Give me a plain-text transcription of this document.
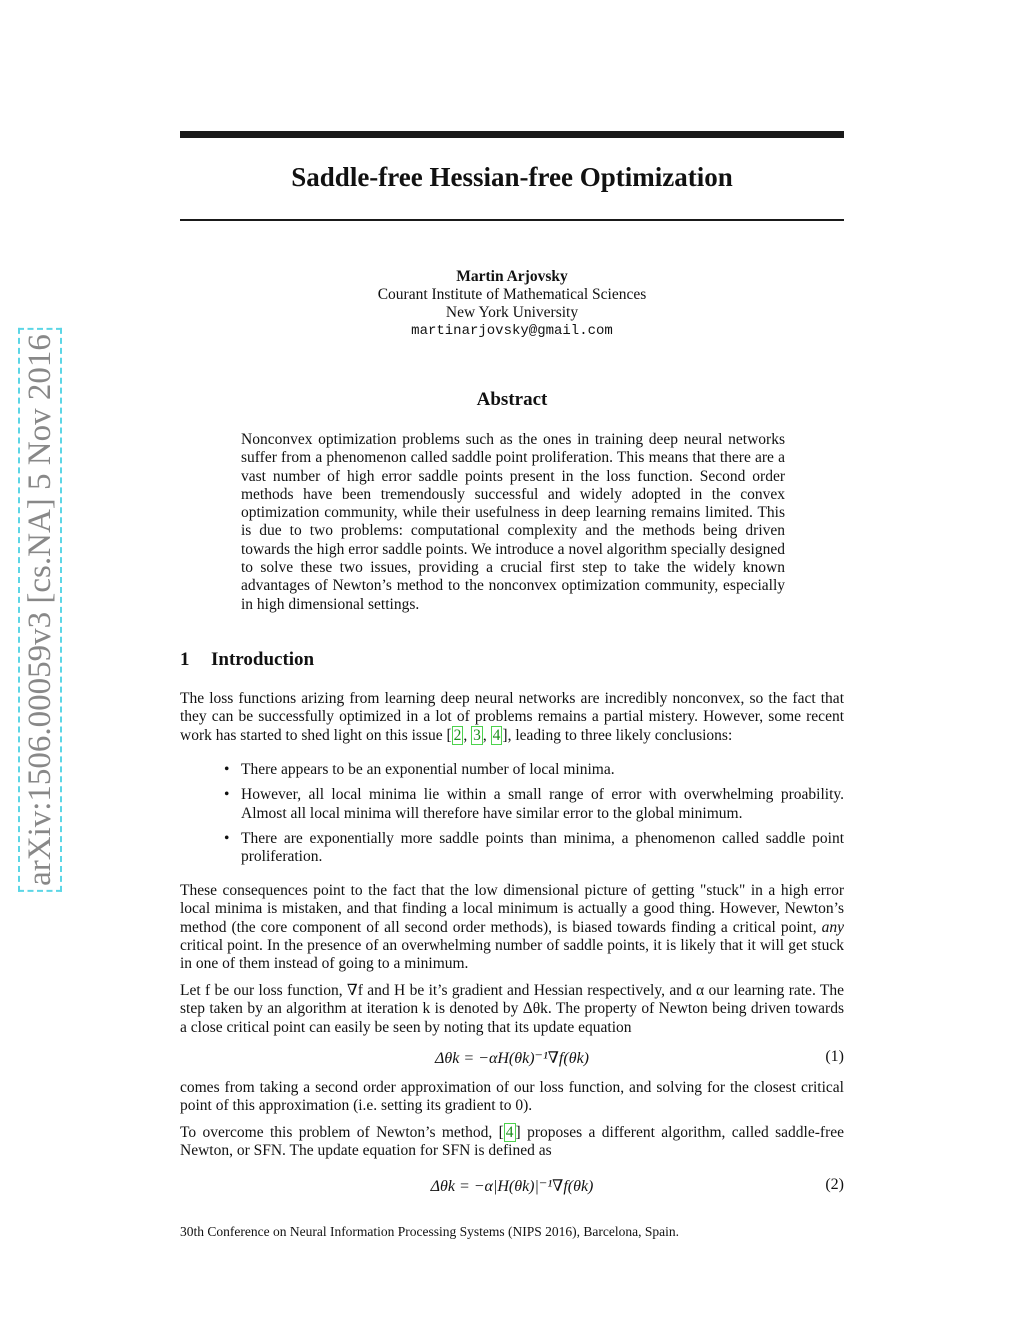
arXiv:1506.00059v3 [cs.NA] 5 Nov 2016
Saddle-free Hessian-free Optimization
Martin Arjovsky
Courant Institute of Mathematical Sciences
New York University
martinarjovsky@gmail.com
Abstract
Nonconvex optimization problems such as the ones in training deep neural networks suffer from a phenomenon called saddle point proliferation. This means that there are a vast number of high error saddle points present in the loss function. Second order methods have been tremendously successful and widely adopted in the convex optimization community, while their usefulness in deep learning remains limited. This is due to two problems: computational complexity and the methods being driven towards the high error saddle points. We introduce a novel algorithm specially designed to solve these two issues, providing a crucial first step to take the widely known advantages of Newton’s method to the nonconvex optimization community, especially in high dimensional settings.
1 Introduction
The loss functions arizing from learning deep neural networks are incredibly nonconvex, so the fact that they can be successfully optimized in a lot of problems remains a partial mistery. However, some recent work has started to shed light on this issue [ 2 , 3 , 4 ], leading to three likely conclusions:
• There appears to be an exponential number of local minima.
• However, all local minima lie within a small range of error with overwhelming proability. Almost all local minima will therefore have similar error to the global minimum.
• There are exponentially more saddle points than minima, a phenomenon called saddle point proliferation.
These consequences point to the fact that the low dimensional picture of getting "stuck" in a high error local minima is mistaken, and that finding a local minimum is actually a good thing. However, Newton’s method (the core component of all second order methods), is biased towards finding a critical point, any critical point. In the presence of an overwhelming number of saddle points, it is likely that it will get stuck in one of them instead of going to a minimum.
Let f be our loss function, ∇f and H be it’s gradient and Hessian respectively, and α our learning rate. The step taken by an algorithm at iteration k is denoted by Δθk. The property of Newton being driven towards a close critical point can easily be seen by noting that its update equation
Δθk = −αH(θk)⁻¹∇f(θk)	(1)
comes from taking a second order approximation of our loss function, and solving for the closest critical point of this approximation (i.e. setting its gradient to 0).
To overcome this problem of Newton’s method, [ 4 ] proposes a different algorithm, called saddle-free Newton, or SFN. The update equation for SFN is defined as
Δθk = −α|H(θk)|⁻¹∇f(θk)	(2)
30th Conference on Neural Information Processing Systems (NIPS 2016), Barcelona, Spain.
